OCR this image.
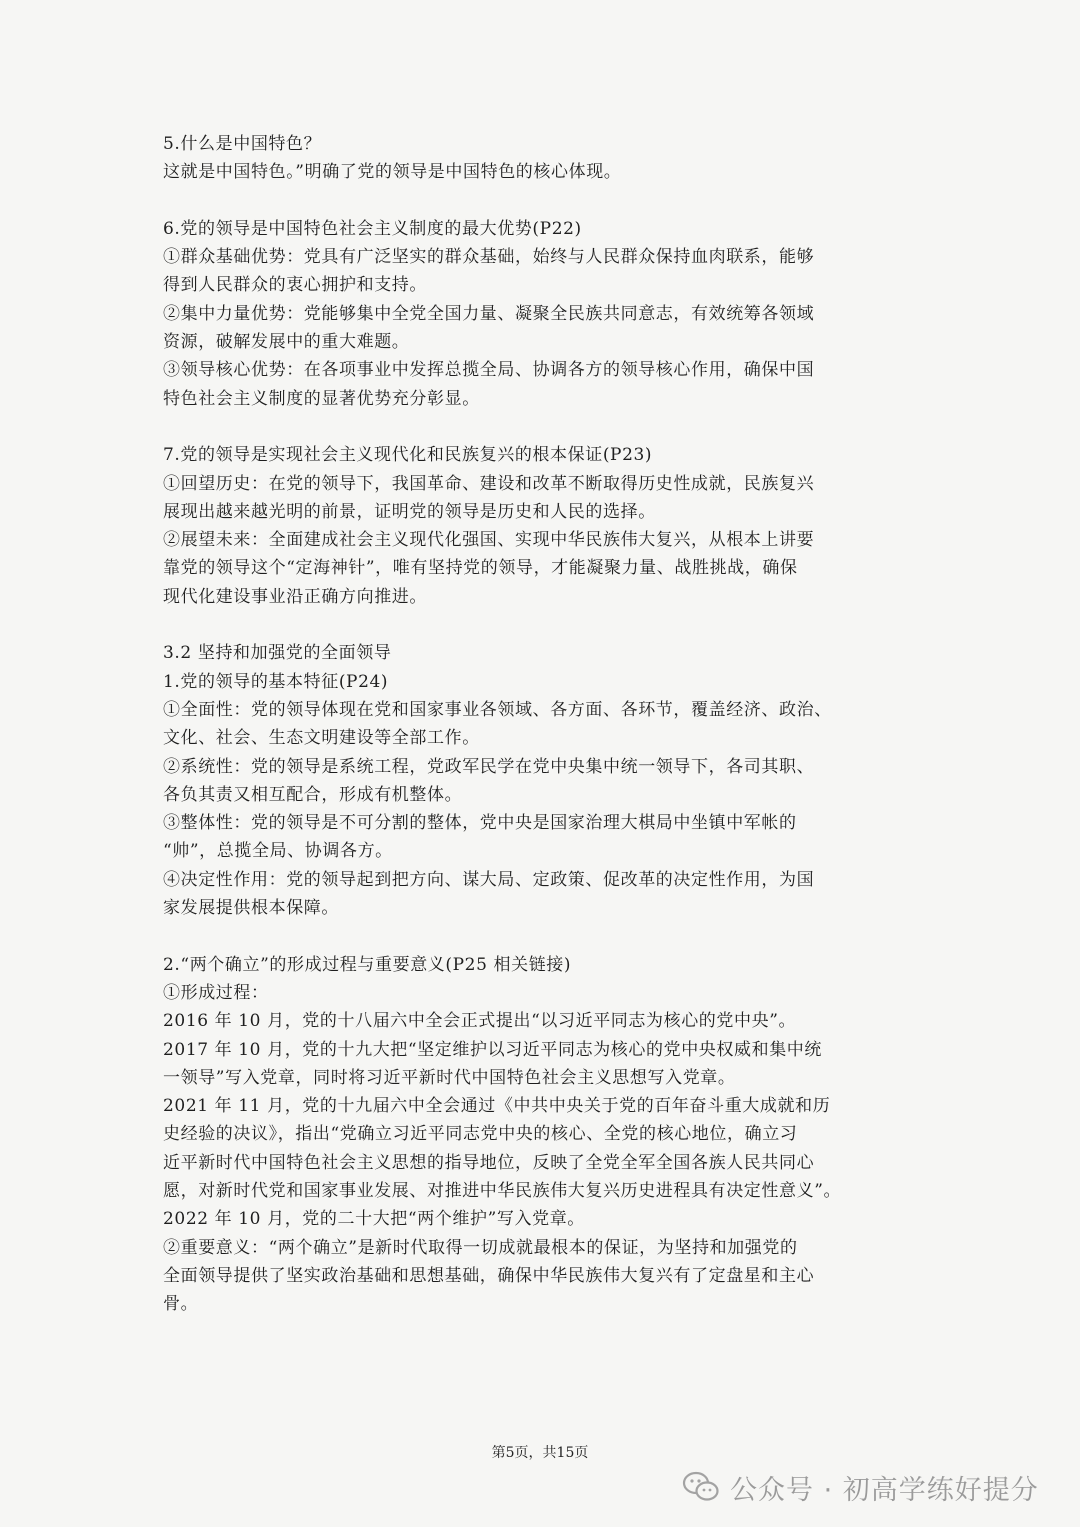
5.什么是中国特色？
这就是中国特色。”明确了党的领导是中国特色的核心体现。
6.党的领导是中国特色社会主义制度的最大优势(P22)
①群众基础优势：党具有广泛坚实的群众基础，始终与人民群众保持血肉联系，能够
得到人民群众的衷心拥护和支持。
②集中力量优势：党能够集中全党全国力量、凝聚全民族共同意志，有效统筹各领域
资源，破解发展中的重大难题。
③领导核心优势：在各项事业中发挥总揽全局、协调各方的领导核心作用，确保中国
特色社会主义制度的显著优势充分彰显。
7.党的领导是实现社会主义现代化和民族复兴的根本保证(P23)
①回望历史：在党的领导下，我国革命、建设和改革不断取得历史性成就，民族复兴
展现出越来越光明的前景，证明党的领导是历史和人民的选择。
②展望未来：全面建成社会主义现代化强国、实现中华民族伟大复兴，从根本上讲要
靠党的领导这个“定海神针”，唯有坚持党的领导，才能凝聚力量、战胜挑战，确保
现代化建设事业沿正确方向推进。
3.2 坚持和加强党的全面领导
1.党的领导的基本特征(P24)
①全面性：党的领导体现在党和国家事业各领域、各方面、各环节，覆盖经济、政治、
文化、社会、生态文明建设等全部工作。
②系统性：党的领导是系统工程，党政军民学在党中央集中统一领导下，各司其职、
各负其责又相互配合，形成有机整体。
③整体性：党的领导是不可分割的整体，党中央是国家治理大棋局中坐镇中军帐的
“帅”，总揽全局、协调各方。
④决定性作用：党的领导起到把方向、谋大局、定政策、促改革的决定性作用，为国
家发展提供根本保障。
2.“两个确立”的形成过程与重要意义(P25 相关链接)
①形成过程：
2016 年 10 月，党的十八届六中全会正式提出“以习近平同志为核心的党中央”。
2017 年 10 月，党的十九大把“坚定维护以习近平同志为核心的党中央权威和集中统
一领导”写入党章，同时将习近平新时代中国特色社会主义思想写入党章。
2021 年 11 月，党的十九届六中全会通过《中共中央关于党的百年奋斗重大成就和历
史经验的决议》，指出“党确立习近平同志党中央的核心、全党的核心地位，确立习
近平新时代中国特色社会主义思想的指导地位，反映了全党全军全国各族人民共同心
愿，对新时代党和国家事业发展、对推进中华民族伟大复兴历史进程具有决定性意义”。
2022 年 10 月，党的二十大把“两个维护”写入党章。
②重要意义：“两个确立”是新时代取得一切成就最根本的保证，为坚持和加强党的
全面领导提供了坚实政治基础和思想基础，确保中华民族伟大复兴有了定盘星和主心
骨。
第5页，共15页
公众号 · 初高学练好提分
